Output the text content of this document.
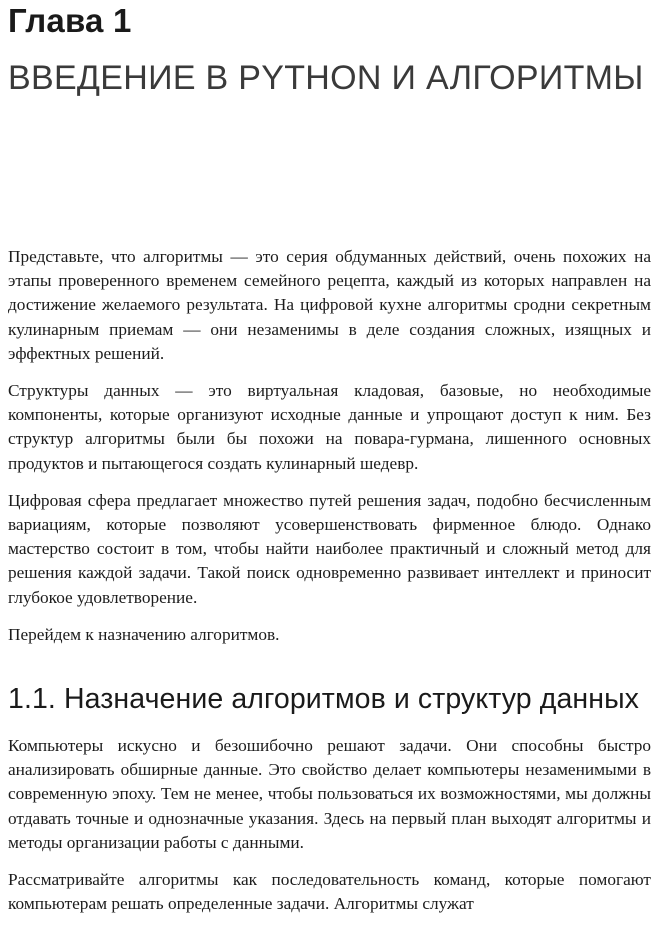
Глава 1
ВВЕДЕНИЕ В PYTHON И АЛГОРИТМЫ

Представьте, что алгоритмы — это серия обдуманных действий, очень похожих на этапы проверенного временем семейного рецепта, каждый из которых направлен на достижение желаемого результата. На цифровой кухне алгоритмы сродни секретным кулинарным приемам — они незаменимы в деле создания сложных, изящных и эффектных решений.

Структуры данных — это виртуальная кладовая, базовые, но необходимые компоненты, которые организуют исходные данные и упрощают доступ к ним. Без структур алгоритмы были бы похожи на повара-гурмана, лишенного основных продуктов и пытающегося создать кулинарный шедевр.

Цифровая сфера предлагает множество путей решения задач, подобно бесчисленным вариациям, которые позволяют усовершенствовать фирменное блюдо. Однако мастерство состоит в том, чтобы найти наиболее практичный и сложный метод для решения каждой задачи. Такой поиск одновременно развивает интеллект и приносит глубокое удовлетворение.

Перейдем к назначению алгоритмов.

1.1. Назначение алгоритмов и структур данных

Компьютеры искусно и безошибочно решают задачи. Они способны быстро анализировать обширные данные. Это свойство делает компьютеры незаменимыми в современную эпоху. Тем не менее, чтобы пользоваться их возможностями, мы должны отдавать точные и однозначные указания. Здесь на первый план выходят алгоритмы и методы организации работы с данными.

Рассматривайте алгоритмы как последовательность команд, которые помогают компьютерам решать определенные задачи. Алгоритмы служат
